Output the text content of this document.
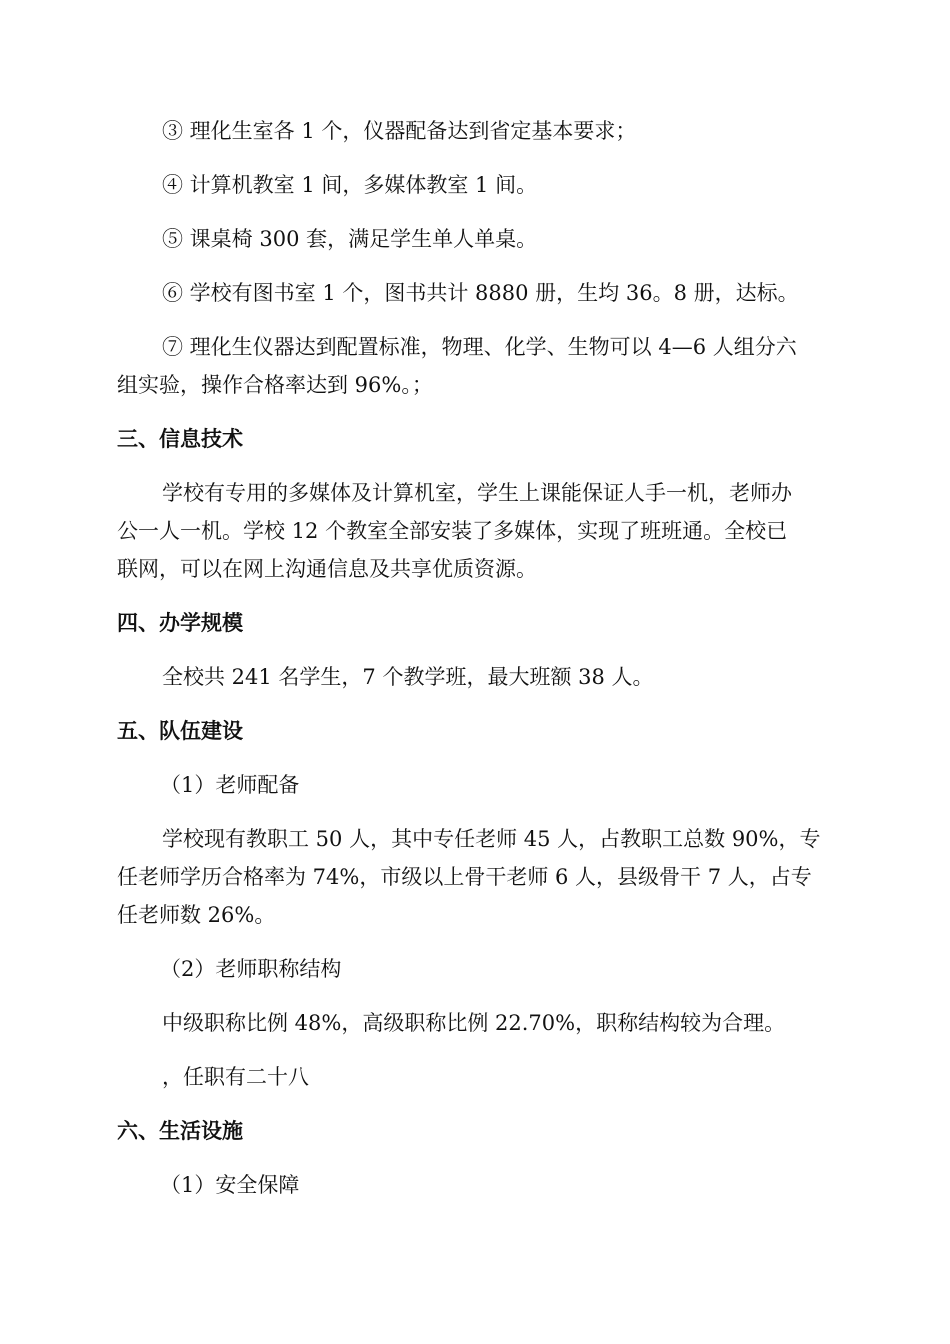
③ 理化生室各 1 个，仪器配备达到省定基本要求；
④ 计算机教室 1 间，多媒体教室 1 间。
⑤ 课桌椅 300 套，满足学生单人单桌。
⑥ 学校有图书室 1 个，图书共计 8880 册，生均 36。8 册，达标。
⑦ 理化生仪器达到配置标准，物理、化学、生物可以 4—6 人组分六
组实验，操作合格率达到 96%。；
三、信息技术
学校有专用的多媒体及计算机室，学生上课能保证人手一机，老师办
公一人一机。学校 12 个教室全部安装了多媒体，实现了班班通。全校已
联网，可以在网上沟通信息及共享优质资源。
四、办学规模
全校共 241 名学生，7 个教学班，最大班额 38 人。
五、队伍建设
（1）老师配备
学校现有教职工 50 人，其中专任老师 45 人，占教职工总数 90%，专
任老师学历合格率为 74%，市级以上骨干老师 6 人，县级骨干 7 人，占专
任老师数 26%。
（2）老师职称结构
中级职称比例 48%，高级职称比例 22.70%，职称结构较为合理。
，任职有二十八
六、生活设施
（1）安全保障
